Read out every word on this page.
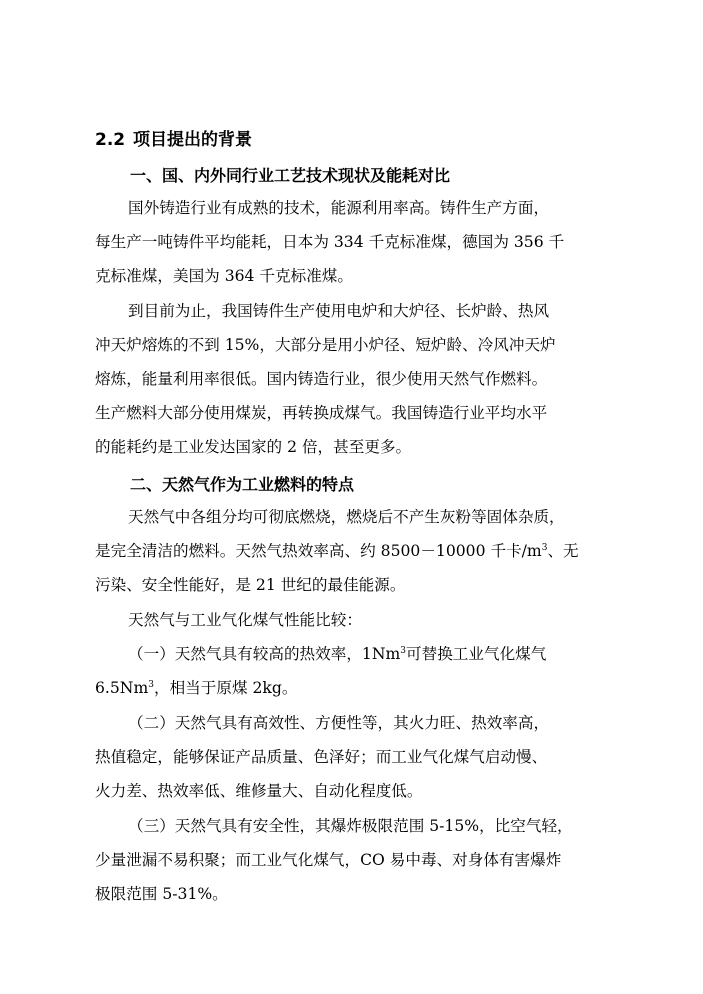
2.2 项目提出的背景
一、国、内外同行业工艺技术现状及能耗对比

国外铸造行业有成熟的技术，能源利用率高。铸件生产方面，

每生产一吨铸件平均能耗，日本为 334 千克标准煤，德国为 356 千

克标准煤，美国为 364 千克标准煤。

到目前为止，我国铸件生产使用电炉和大炉径、长炉龄、热风

冲天炉熔炼的不到 15%，大部分是用小炉径、短炉龄、冷风冲天炉

熔炼，能量利用率很低。国内铸造行业，很少使用天然气作燃料。

生产燃料大部分使用煤炭，再转换成煤气。我国铸造行业平均水平

的能耗约是工业发达国家的 2 倍，甚至更多。

二、天然气作为工业燃料的特点

天然气中各组分均可彻底燃烧，燃烧后不产生灰粉等固体杂质，

是完全清洁的燃料。天然气热效率高、约 8500－10000 千卡$/m^3$、无

污染、安全性能好，是 21 世纪的最佳能源。

天然气与工业气化煤气性能比较：

（一）天然气具有较高的热效率，1Nm$^3$可替换工业气化煤气

6.5Nm$^3$，相当于原煤 2kg。

（二）天然气具有高效性、方便性等，其火力旺、热效率高，

热值稳定，能够保证产品质量、色泽好；而工业气化煤气启动慢、

火力差、热效率低、维修量大、自动化程度低。

（三）天然气具有安全性，其爆炸极限范围 5-15%，比空气轻，

少量泄漏不易积聚；而工业气化煤气，CO 易中毒、对身体有害爆炸

极限范围 5-31%。
